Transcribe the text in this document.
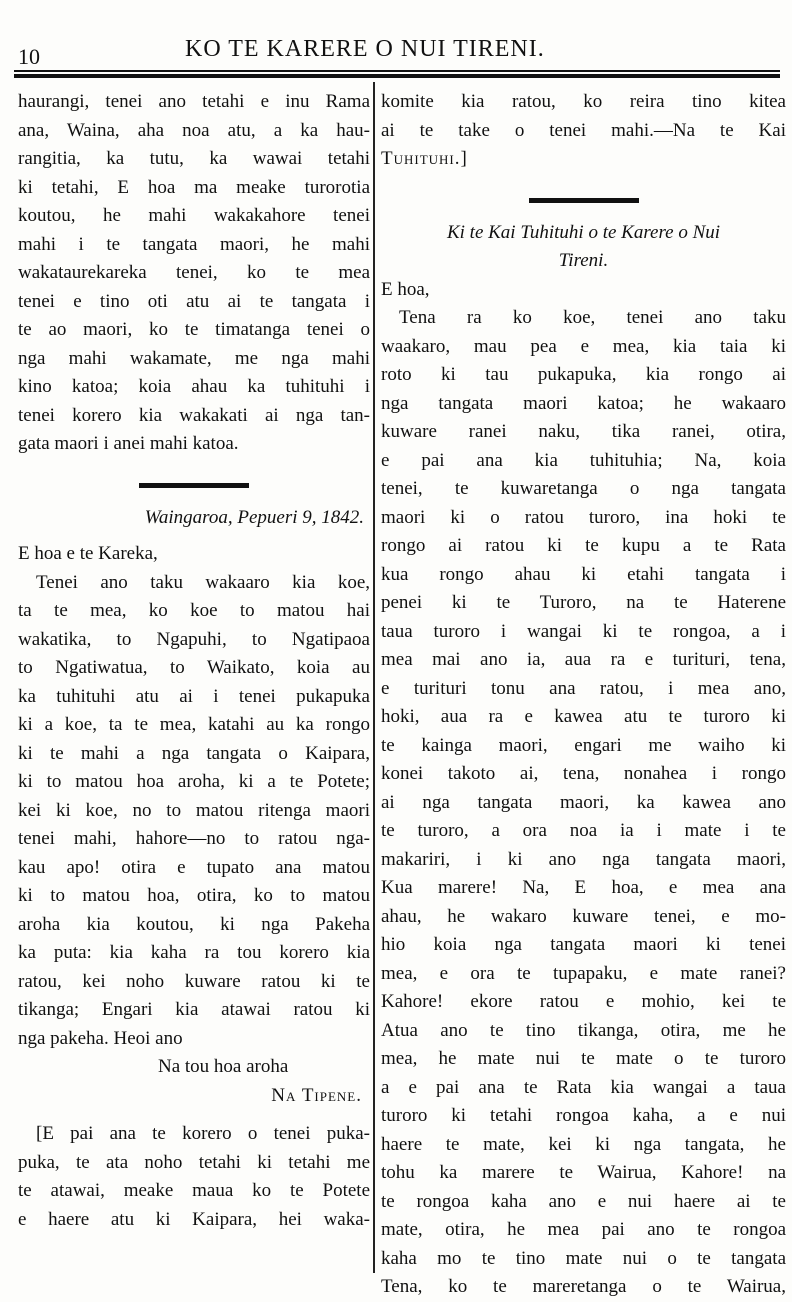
10	KO TE KARERE O NUI TIRENI.
haurangi, tenei ano tetahi e inu Rama
ana, Waina, aha noa atu, a ka hau-
rangitia, ka tutu, ka wawai tetahi
ki tetahi, E hoa ma meake turorotia
koutou, he mahi wakakahore tenei
mahi i te tangata maori, he mahi
wakataurekareka tenei, ko te mea
tenei e tino oti atu ai te tangata i
te ao maori, ko te timatanga tenei o
nga mahi wakamate, me nga mahi
kino katoa; koia ahau ka tuhituhi i
tenei korero kia wakakati ai nga tan-
gata maori i anei mahi katoa.
Waingaroa, Pepueri 9, 1842.
E hoa e te Kareka,
Tenei ano taku wakaaro kia koe,
ta te mea, ko koe to matou hai
wakatika, to Ngapuhi, to Ngatipaoa
to Ngatiwatua, to Waikato, koia au
ka tuhituhi atu ai i tenei pukapuka
ki a koe, ta te mea, katahi au ka rongo
ki te mahi a nga tangata o Kaipara,
ki to matou hoa aroha, ki a te Potete;
kei ki koe, no to matou ritenga maori
tenei mahi, hahore—no to ratou nga-
kau apo! otira e tupato ana matou
ki to matou hoa, otira, ko to matou
aroha kia koutou, ki nga Pakeha
ka puta: kia kaha ra tou korero kia
ratou, kei noho kuware ratou ki te
tikanga; Engari kia atawai ratou ki
nga pakeha. Heoi ano
Na tou hoa aroha
Na Tipene.
[E pai ana te korero o tenei puka-
puka, te ata noho tetahi ki tetahi me
te atawai, meake maua ko te Potete
e haere atu ki Kaipara, hei waka-
komite kia ratou, ko reira tino kitea
ai te take o tenei mahi.—Na te Kai
Tuhituhi.]
Ki te Kai Tuhituhi o te Karere o Nui
Tireni.
E hoa,
Tena ra ko koe, tenei ano taku
waakaro, mau pea e mea, kia taia ki
roto ki tau pukapuka, kia rongo ai
nga tangata maori katoa; he wakaaro
kuware ranei naku, tika ranei, otira,
e pai ana kia tuhituhia; Na, koia
tenei, te kuwaretanga o nga tangata
maori ki o ratou turoro, ina hoki te
rongo ai ratou ki te kupu a te Rata
kua rongo ahau ki etahi tangata i
penei ki te Turoro, na te Haterene
taua turoro i wangai ki te rongoa, a i
mea mai ano ia, aua ra e turituri, tena,
e turituri tonu ana ratou, i mea ano,
hoki, aua ra e kawea atu te turoro ki
te kainga maori, engari me waiho ki
konei takoto ai, tena, nonahea i rongo
ai nga tangata maori, ka kawea ano
te turoro, a ora noa ia i mate i te
makariri, i ki ano nga tangata maori,
Kua marere! Na, E hoa, e mea ana
ahau, he wakaro kuware tenei, e mo-
hio koia nga tangata maori ki tenei
mea, e ora te tupapaku, e mate ranei?
Kahore! ekore ratou e mohio, kei te
Atua ano te tino tikanga, otira, me he
mea, he mate nui te mate o te turoro
a e pai ana te Rata kia wangai a taua
turoro ki tetahi rongoa kaha, a e nui
haere te mate, kei ki nga tangata, he
tohu ka marere te Wairua, Kahore! na
te rongoa kaha ano e nui haere ai te
mate, otira, he mea pai ano te rongoa
kaha mo te tino mate nui o te tangata
Tena, ko te mareretanga o te Wairua,
